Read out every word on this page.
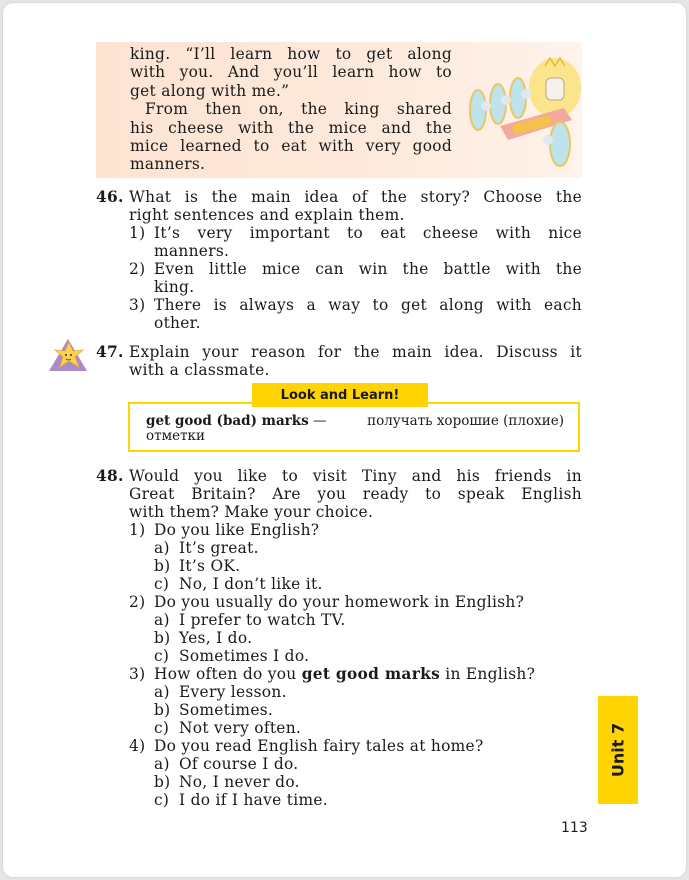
king. “I’ll learn how to get along

with you. And you’ll learn how to

get along with me.”

From then on, the king shared

his cheese with the mice and the

mice learned to eat with very good

manners.

46. What is the main idea of the story? Choose the
right sentences and explain them.
1) It’s very important to eat cheese with nice
manners.
2) Even little mice can win the battle with the
king.
3) There is always a way to get along with each
other.
47. Explain your reason for the main idea. Discuss it
with a classmate.
get good (bad) marks —	получать хорошие (плохие)
отметки
Look and Learn!
48. Would you like to visit Tiny and his friends in
Great Britain? Are you ready to speak English
with them? Make your choice.
1) Do you like English?
a) It’s great.
b) It’s OK.
c) No, I don’t like it.
2) Do you usually do your homework in English?
a) I prefer to watch TV.
b) Yes, I do.
c) Sometimes I do.
3) How often do you get good marks in English?
a) Every lesson.
b) Sometimes.
c) Not very often.
4) Do you read English fairy tales at home?
a) Of course I do.
b) No, I never do.
c) I do if I have time.
Unit 7
113
